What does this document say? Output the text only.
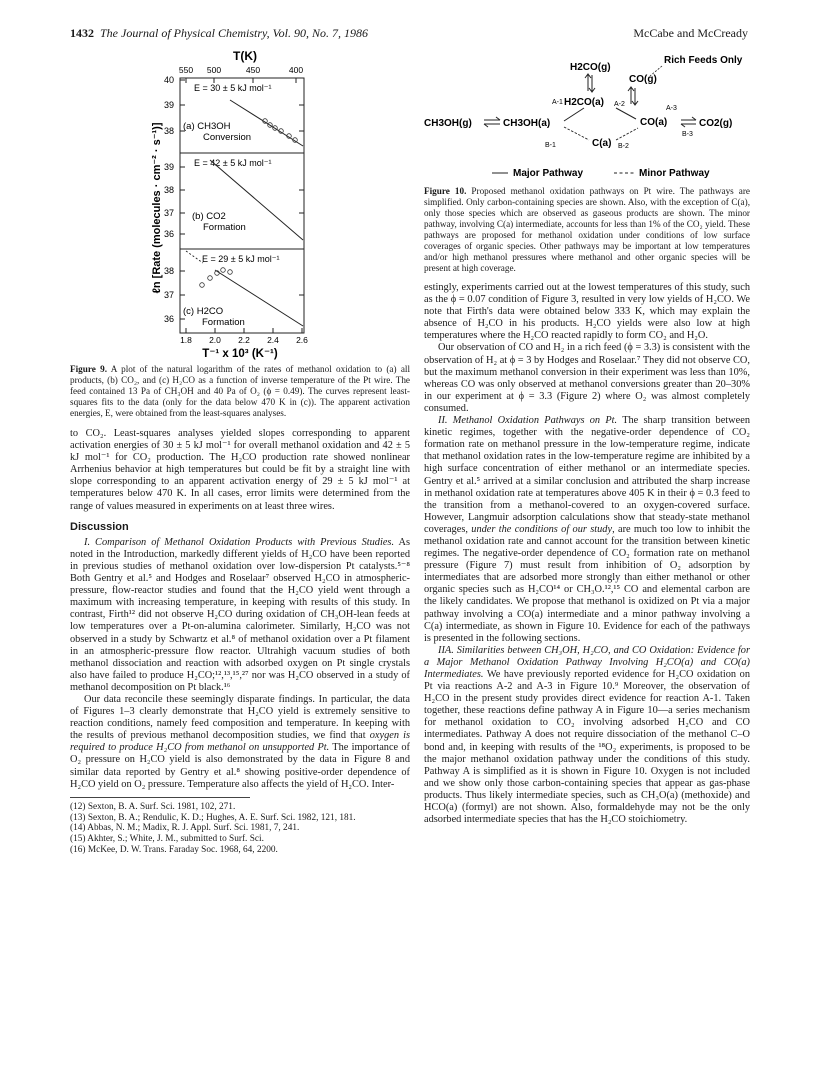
1432 The Journal of Physical Chemistry, Vol. 90, No. 7, 1986	McCabe and McCready
T(K)
550 500	450	400
40
39
38
39
38
37
36
38
37
36
ℓn [Rate (molecules · cm⁻² · s⁻¹)]
E = 30 ± 5 kJ mol⁻¹
(a) CH3OH
Conversion
E = 42 ± 5 kJ mol⁻¹
(b) CO2
Formation
E = 29 ± 5 kJ mol⁻¹
(c) H2CO
Formation
1.8 2.0 2.2 2.4 2.6
T⁻¹ x 10³ (K⁻¹)
Figure 9. A plot of the natural logarithm of the rates of methanol oxidation to (a) all products, (b) CO₂, and (c) H₂CO as a function of inverse temperature of the Pt wire. The feed contained 13 Pa of CH₃OH and 40 Pa of O₂ (ϕ = 0.49). The curves represent least-squares fits to the data (only for the data below 470 K in (c)). The apparent activation energies, E, were obtained from the least-squares analyses.

to CO₂. Least-squares analyses yielded slopes corresponding to apparent activation energies of 30 ± 5 kJ mol⁻¹ for overall methanol oxidation and 42 ± 5 kJ mol⁻¹ for CO₂ production. The H₂CO production rate showed nonlinear Arrhenius behavior at high temperatures but could be fit by a straight line with slope corresponding to an apparent activation energy of 29 ± 5 kJ mol⁻¹ at temperatures below 470 K. In all cases, error limits were determined from the range of values measured in experiments on at least three wires.

Discussion

I. Comparison of Methanol Oxidation Products with Previous Studies. As noted in the Introduction, markedly different yields of H₂CO have been reported in previous studies of methanol oxidation over low-dispersion Pt catalysts.⁵⁻⁸ Both Gentry et al.⁵ and Hodges and Roselaar⁷ observed H₂CO in atmospheric-pressure, flow-reactor studies and found that the H₂CO yield went through a maximum with increasing temperature, in keeping with results of this study. In contrast, Firth¹² did not observe H₂CO during oxidation of CH₃OH-lean feeds at low temperatures over a Pt-on-alumina calorimeter. Similarly, H₂CO was not observed in a study by Schwartz et al.⁸ of methanol oxidation over a Pt filament in an atmospheric-pressure flow reactor. Ultrahigh vacuum studies of both methanol dissociation and reaction with adsorbed oxygen on Pt single crystals also have failed to produce H₂CO;¹²,¹³,¹⁵,²⁷ nor was H₂CO observed in a study of methanol decomposition on Pt black.¹⁶

Our data reconcile these seemingly disparate findings. In particular, the data of Figures 1–3 clearly demonstrate that H₂CO yield is extremely sensitive to reaction conditions, namely feed composition and temperature. In keeping with the results of previous methanol decomposition studies, we find that oxygen is required to produce H₂CO from methanol on unsupported Pt. The importance of O₂ pressure on H₂CO yield is also demonstrated by the data in Figure 8 and similar data reported by Gentry et al.⁸ showing positive-order dependence of H₂CO yield on O₂ pressure. Temperature also affects the yield of H₂CO. Inter-

(12) Sexton, B. A. Surf. Sci. 1981, 102, 271.
(13) Sexton, B. A.; Rendulic, K. D.; Hughes, A. E. Surf. Sci. 1982, 121, 181.
(14) Abbas, N. M.; Madix, R. J. Appl. Surf. Sci. 1981, 7, 241.
(15) Akhter, S.; White, J. M., submitted to Surf. Sci.
(16) McKee, D. W. Trans. Faraday Soc. 1968, 64, 2200.
Rich Feeds Only
H2CO(g)
CO(g)
H2CO(a)
A-1	A-2
A-3
CH3OH(g)	CH3OH(a)	CO(a)	CO2(g)
B-3
B-1	C(a) B-2
Major Pathway	Minor Pathway
Figure 10. Proposed methanol oxidation pathways on Pt wire. The pathways are simplified. Only carbon-containing species are shown. Also, with the exception of C(a), only those species which are observed as gaseous products are shown. The minor pathway, involving C(a) intermediate, accounts for less than 1% of the CO₂ yield. These pathways are proposed for methanol oxidation under conditions of low surface coverages of organic species. Other pathways may be important at low temperatures and/or high methanol pressures where methanol and other organic species will be present at high coverage.

estingly, experiments carried out at the lowest temperatures of this study, such as the ϕ = 0.07 condition of Figure 3, resulted in very low yields of H₂CO. We note that Firth's data were obtained below 333 K, which may explain the absence of H₂CO in his products. H₂CO yields were also low at high temperatures where the H₂CO reacted rapidly to form CO₂ and H₂O.

Our observation of CO and H₂ in a rich feed (ϕ = 3.3) is consistent with the observation of H₂ at ϕ = 3 by Hodges and Roselaar.⁷ They did not observe CO, but the maximum methanol conversion in their experiment was less than 10%, whereas CO was only observed at methanol conversions greater than 20–30% in our experiment at ϕ = 3.3 (Figure 2) where O₂ was almost completely consumed.

II. Methanol Oxidation Pathways on Pt. The sharp transition between kinetic regimes, together with the negative-order dependence of CO₂ formation rate on methanol pressure in the low-temperature regime, indicate that methanol oxidation rates in the low-temperature regime are inhibited by a high surface concentration of either methanol or an intermediate species. Gentry et al.⁵ arrived at a similar conclusion and attributed the sharp increase in methanol oxidation rate at temperatures above 405 K in their ϕ = 0.3 feed to the transition from a methanol-covered to an oxygen-covered surface. However, Langmuir adsorption calculations show that steady-state methanol coverages, under the conditions of our study, are much too low to inhibit the methanol oxidation rate and cannot account for the transition between kinetic regimes. The negative-order dependence of CO₂ formation rate on methanol pressure (Figure 7) must result from inhibition of O₂ adsorption by intermediates that are adsorbed more strongly than either methanol or other organic species such as H₂CO¹⁴ or CH₃O.¹²,¹⁵ CO and elemental carbon are the likely candidates. We propose that methanol is oxidized on Pt via a major pathway involving a CO(a) intermediate and a minor pathway involving a C(a) intermediate, as shown in Figure 10. Evidence for each of the pathways is presented in the following sections.

IIA. Similarities between CH₃OH, H₂CO, and CO Oxidation: Evidence for a Major Methanol Oxidation Pathway Involving H₂CO(a) and CO(a) Intermediates. We have previously reported evidence for H₂CO oxidation on Pt via reactions A-2 and A-3 in Figure 10.⁹ Moreover, the observation of H₂CO in the present study provides direct evidence for reaction A-1. Taken together, these reactions define pathway A in Figure 10—a series mechanism for methanol oxidation to CO₂ involving adsorbed H₂CO and CO intermediates. Pathway A does not require dissociation of the methanol C–O bond and, in keeping with results of the ¹⁸O₂ experiments, is proposed to be the major methanol oxidation pathway under the conditions of this study. Pathway A is simplified as it is shown in Figure 10. Oxygen is not included and we show only those carbon-containing species that appear as gas-phase products. Thus likely intermediate species, such as CH₃O(a) (methoxide) and HCO(a) (formyl) are not shown. Also, formaldehyde may not be the only adsorbed intermediate species that has the H₂CO stoichiometry.
